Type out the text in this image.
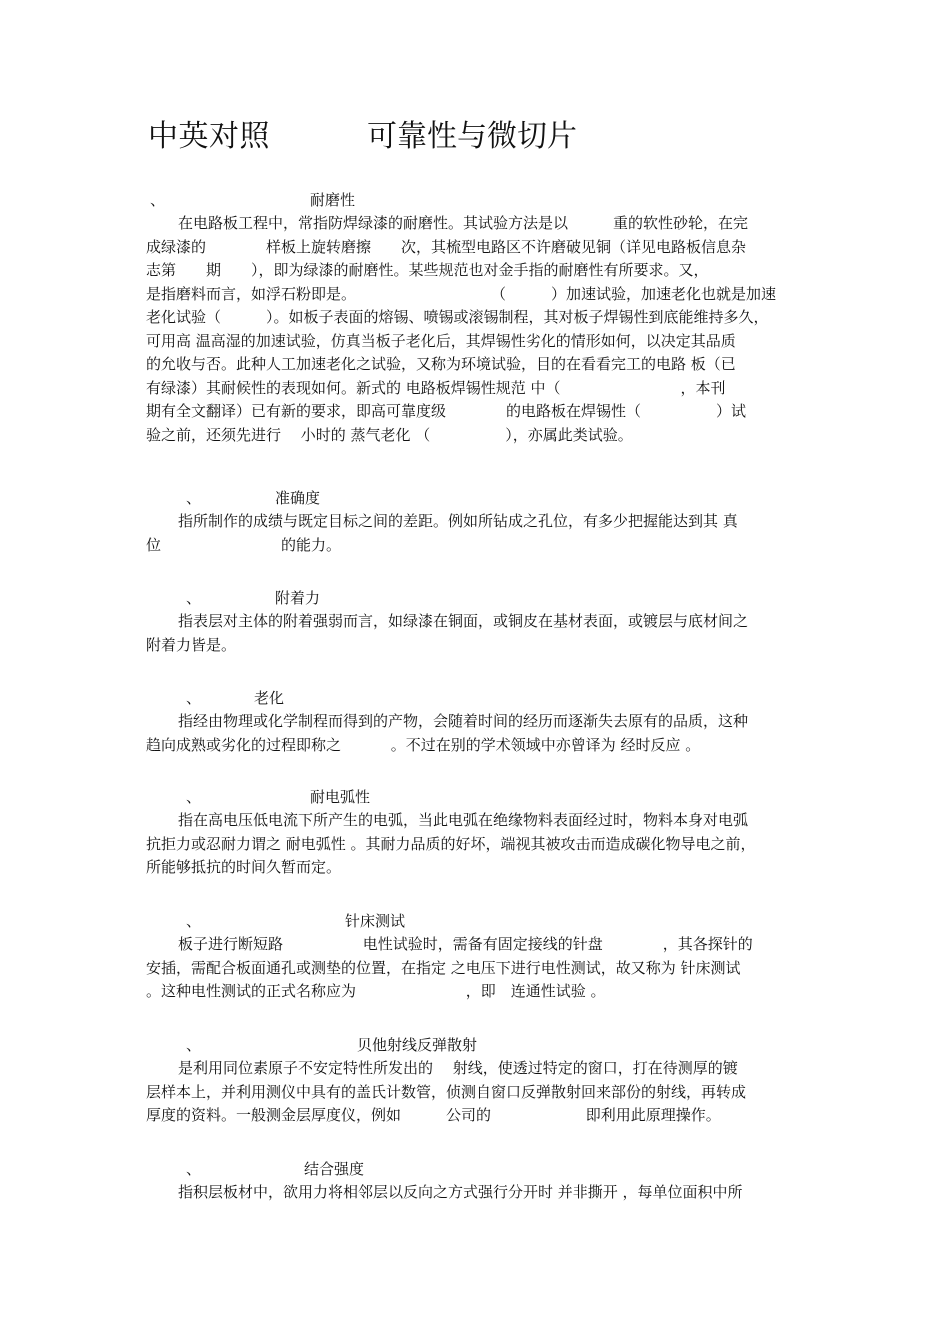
中英对照	可靠性与微切片
、	耐磨性
在电路板工程中，常指防焊绿漆的耐磨性。其试验方法是以　　　重的软性砂轮，在完
成绿漆的　　　　样板上旋转磨擦　　次，其梳型电路区不许磨破见铜（详见电路板信息杂
志第　　期　　），即为绿漆的耐磨性。某些规范也对金手指的耐磨性有所要求。又，
是指磨料而言，如浮石粉即是。　　　　　　　　　　（　　　）加速试验，加速老化也就是加速
老化试验（　　　）。如板子表面的熔锡、喷锡或滚锡制程，其对板子焊锡性到底能维持多久，
可用高 温高湿的加速试验，仿真当板子老化后，其焊锡性劣化的情形如何，以决定其品质
的允收与否。此种人工加速老化之试验，又称为环境试验，目的在看看完工的电路 板（已
有绿漆）其耐候性的表现如何。新式的 电路板焊锡性规范 中（　　　　　　　　，本刊
期有全文翻译）已有新的要求，即高可靠度级　　　　的电路板在焊锡性（　　　　　）试
验之前，还须先进行　 小时的 蒸气老化 （　　　　　），亦属此类试验。
、	准确度
指所制作的成绩与既定目标之间的差距。例如所钻成之孔位，有多少把握能达到其 真
位　　　　　　　　的能力。
、	附着力
指表层对主体的附着强弱而言，如绿漆在铜面，或铜皮在基材表面，或镀层与底材间之
附着力皆是。
、	老化
指经由物理或化学制程而得到的产物，会随着时间的经历而逐渐失去原有的品质，这种
趋向成熟或劣化的过程即称之　　　 。不过在别的学术领域中亦曾译为 经时反应 。
、	耐电弧性
指在高电压低电流下所产生的电弧，当此电弧在绝缘物料表面经过时，物料本身对电弧
抗拒力或忍耐力谓之 耐电弧性 。其耐力品质的好坏，端视其被攻击而造成碳化物导电之前，
所能够抵抗的时间久暂而定。
、	针床测试
板子进行断短路　　　　　 电性试验时，需备有固定接线的针盘　　　　，其各探针的
安插，需配合板面通孔或测垫的位置，在指定 之电压下进行电性测试，故又称为 针床测试
。这种电性测试的正式名称应为　　　　　　　 ，即　连通性试验 。
、	贝他射线反弹散射
是利用同位素原子不安定特性所发出的　 射线，使透过特定的窗口，打在待测厚的镀
层样本上，并利用测仪中具有的盖氏计数管，侦测自窗口反弹散射回来部份的射线，再转成
厚度的资料。一般测金层厚度仪，例如　　　公司的　　　　　　 即利用此原理操作。
、	结合强度
指积层板材中，欲用力将相邻层以反向之方式强行分开时 并非撕开 ，每单位面积中所
